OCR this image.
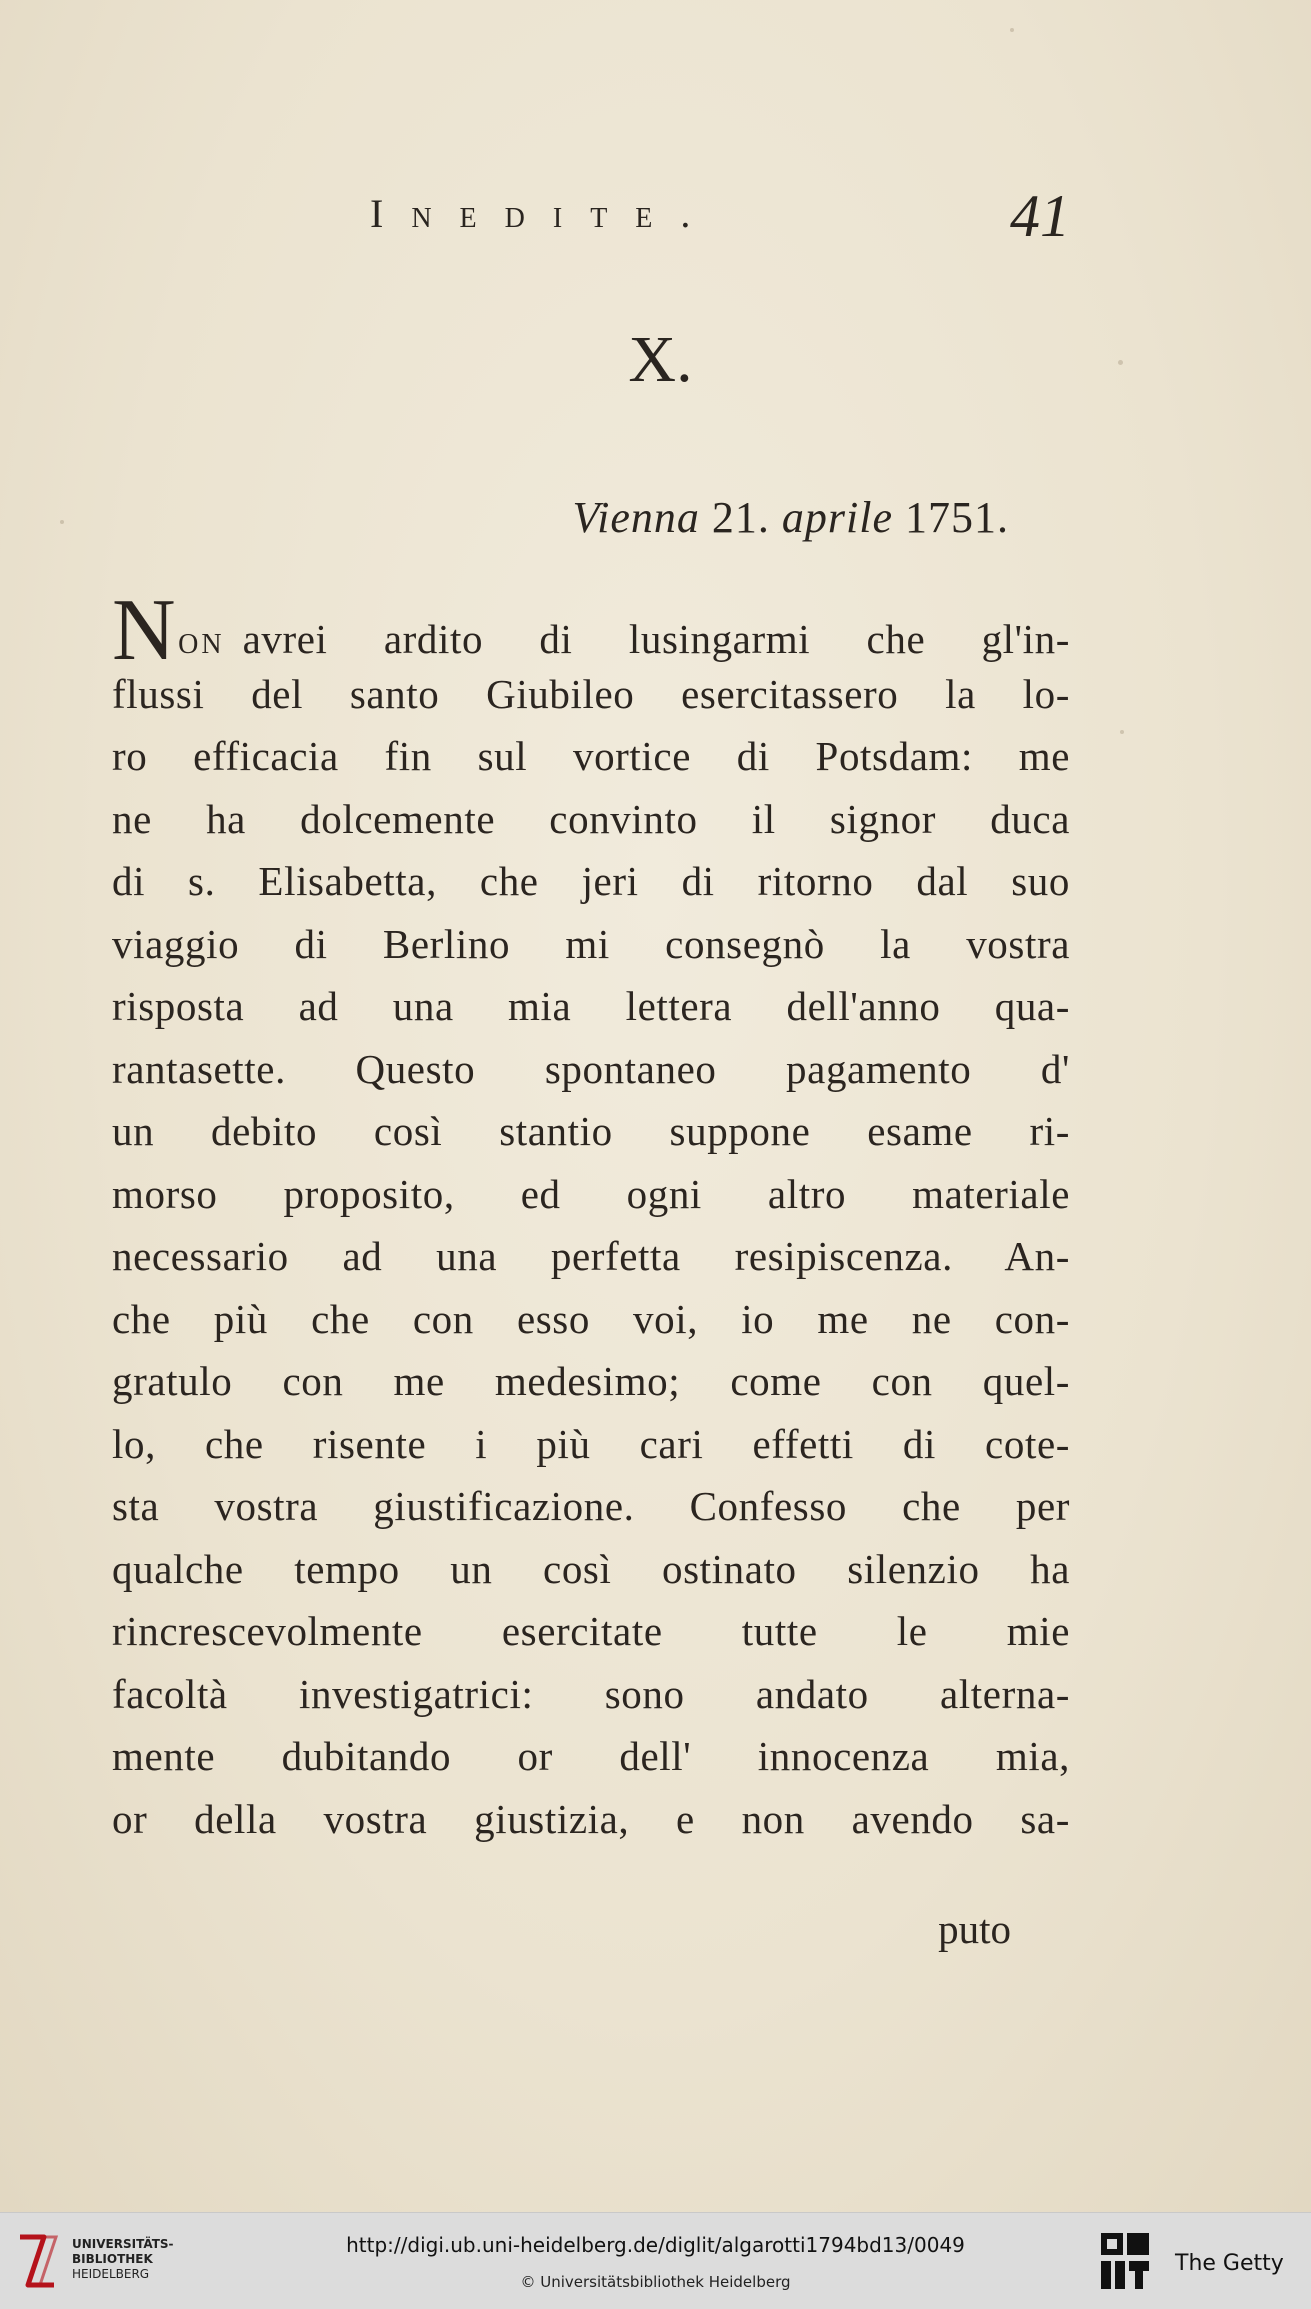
Inedite.	41
X.
Vienna 21. aprile 1751.
NON avrei ardito di lusingarmi che gl'in-
flussi del santo Giubileo esercitassero la lo-
ro efficacia fin sul vortice di Potsdam: me
ne ha dolcemente convinto il signor duca
di s. Elisabetta, che jeri di ritorno dal suo
viaggio di Berlino mi consegnò la vostra
risposta ad una mia lettera dell'anno qua-
rantasette. Questo spontaneo pagamento d'
un debito così stantio suppone esame ri-
morso proposito, ed ogni altro materiale
necessario ad una perfetta resipiscenza. An-
che più che con esso voi, io me ne con-
gratulo con me medesimo; come con quel-
lo, che risente i più cari effetti di cote-
sta vostra giustificazione. Confesso che per
qualche tempo un così ostinato silenzio ha
rincrescevolmente esercitate tutte le mie
facoltà investigatrici: sono andato alterna-
mente dubitando or dell' innocenza mia,
or della vostra giustizia, e non avendo sa-
puto
UNIVERSITÄTS-
BIBLIOTHEK
HEIDELBERG
http://digi.ub.uni-heidelberg.de/diglit/algarotti1794bd13/0049
© Universitätsbibliothek Heidelberg
The Getty
